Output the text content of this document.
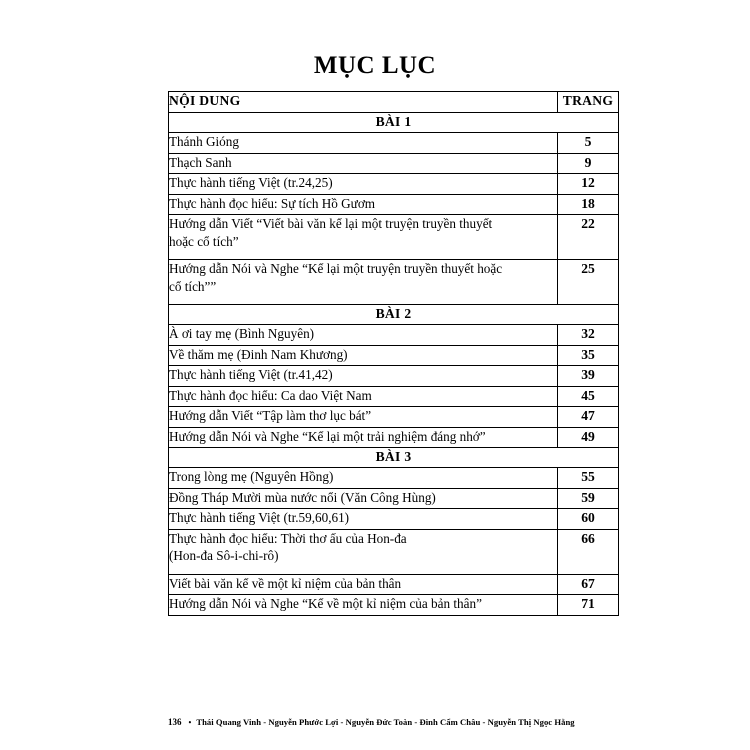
MỤC LỤC
NỘI DUNG	TRANG
BÀI 1	
Thánh Gióng	5
Thạch Sanh	9
Thực hành tiếng Việt (tr.24,25)	12
Thực hành đọc hiểu: Sự tích Hồ Gươm	18
Hướng dẫn Viết “Viết bài văn kể lại một truyện truyền thuyết
hoặc cổ tích”	22
Hướng dẫn Nói và Nghe “Kể lại một truyện truyền thuyết hoặc
cổ tích””	25
BÀI 2	
À ơi tay mẹ (Bình Nguyên)	32
Về thăm mẹ (Đinh Nam Khương)	35
Thực hành tiếng Việt (tr.41,42)	39
Thực hành đọc hiểu: Ca dao Việt Nam	45
Hướng dẫn Viết “Tập làm thơ lục bát”	47
Hướng dẫn Nói và Nghe “Kể lại một trải nghiệm đáng nhớ”	49
BÀI 3	
Trong lòng mẹ (Nguyên Hồng)	55
Đồng Tháp Mười mùa nước nổi (Văn Công Hùng)	59
Thực hành tiếng Việt (tr.59,60,61)	60
Thực hành đọc hiểu: Thời thơ ấu của Hon-đa
(Hon-đa Sô-i-chi-rô)	66
Viết bài văn kể về một kỉ niệm của bản thân	67
Hướng dẫn Nói và Nghe “Kể về một kỉ niệm của bản thân”	71
136 • Thái Quang Vinh - Nguyễn Phước Lợi - Nguyễn Đức Toàn - Đinh Cẩm Châu - Nguyễn Thị Ngọc Hằng
